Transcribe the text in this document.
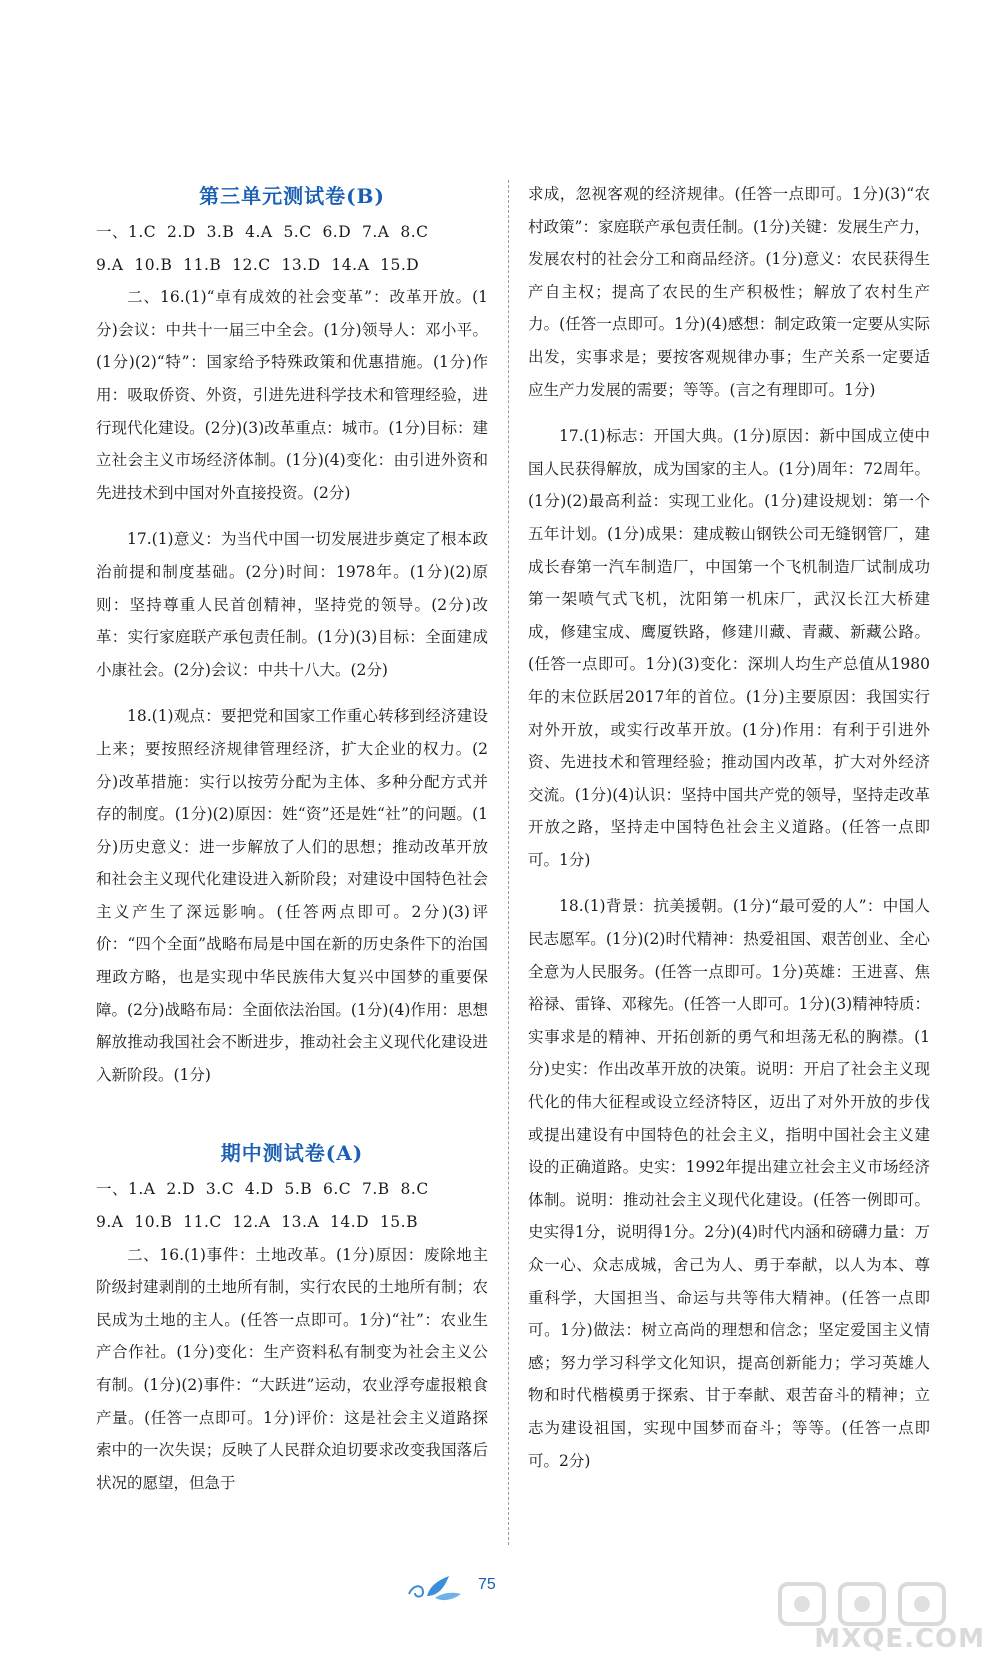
第三单元测试卷(B)

一、1.C  2.D  3.B  4.A  5.C  6.D  7.A  8.C

9.A  10.B  11.B  12.C  13.D  14.A  15.D

二、16.(1)“卓有成效的社会变革”：改革开放。(1分)会议：中共十一届三中全会。(1分)领导人：邓小平。(1分)(2)“特”：国家给予特殊政策和优惠措施。(1分)作用：吸取侨资、外资，引进先进科学技术和管理经验，进行现代化建设。(2分)(3)改革重点：城市。(1分)目标：建立社会主义市场经济体制。(1分)(4)变化：由引进外资和先进技术到中国对外直接投资。(2分)

17.(1)意义：为当代中国一切发展进步奠定了根本政治前提和制度基础。(2分)时间：1978年。(1分)(2)原则：坚持尊重人民首创精神，坚持党的领导。(2分)改革：实行家庭联产承包责任制。(1分)(3)目标：全面建成小康社会。(2分)会议：中共十八大。(2分)

18.(1)观点：要把党和国家工作重心转移到经济建设上来；要按照经济规律管理经济，扩大企业的权力。(2分)改革措施：实行以按劳分配为主体、多种分配方式并存的制度。(1分)(2)原因：姓“资”还是姓“社”的问题。(1分)历史意义：进一步解放了人们的思想；推动改革开放和社会主义现代化建设进入新阶段；对建设中国特色社会主义产生了深远影响。(任答两点即可。2分)(3)评价：“四个全面”战略布局是中国在新的历史条件下的治国理政方略，也是实现中华民族伟大复兴中国梦的重要保障。(2分)战略布局：全面依法治国。(1分)(4)作用：思想解放推动我国社会不断进步，推动社会主义现代化建设进入新阶段。(1分)

期中测试卷(A)

一、1.A  2.D  3.C  4.D  5.B  6.C  7.B  8.C

9.A  10.B  11.C  12.A  13.A  14.D  15.B

二、16.(1)事件：土地改革。(1分)原因：废除地主阶级封建剥削的土地所有制，实行农民的土地所有制；农民成为土地的主人。(任答一点即可。1分)“社”：农业生产合作社。(1分)变化：生产资料私有制变为社会主义公有制。(1分)(2)事件：“大跃进”运动，农业浮夸虚报粮食产量。(任答一点即可。1分)评价：这是社会主义道路探索中的一次失误；反映了人民群众迫切要求改变我国落后状况的愿望，但急于

求成，忽视客观的经济规律。(任答一点即可。1分)(3)“农村政策”：家庭联产承包责任制。(1分)关键：发展生产力，发展农村的社会分工和商品经济。(1分)意义：农民获得生产自主权；提高了农民的生产积极性；解放了农村生产力。(任答一点即可。1分)(4)感想：制定政策一定要从实际出发，实事求是；要按客观规律办事；生产关系一定要适应生产力发展的需要；等等。(言之有理即可。1分)

17.(1)标志：开国大典。(1分)原因：新中国成立使中国人民获得解放，成为国家的主人。(1分)周年：72周年。(1分)(2)最高利益：实现工业化。(1分)建设规划：第一个五年计划。(1分)成果：建成鞍山钢铁公司无缝钢管厂，建成长春第一汽车制造厂，中国第一个飞机制造厂试制成功第一架喷气式飞机，沈阳第一机床厂，武汉长江大桥建成，修建宝成、鹰厦铁路，修建川藏、青藏、新藏公路。(任答一点即可。1分)(3)变化：深圳人均生产总值从1980年的末位跃居2017年的首位。(1分)主要原因：我国实行对外开放，或实行改革开放。(1分)作用：有利于引进外资、先进技术和管理经验；推动国内改革，扩大对外经济交流。(1分)(4)认识：坚持中国共产党的领导，坚持走改革开放之路，坚持走中国特色社会主义道路。(任答一点即可。1分)

18.(1)背景：抗美援朝。(1分)“最可爱的人”：中国人民志愿军。(1分)(2)时代精神：热爱祖国、艰苦创业、全心全意为人民服务。(任答一点即可。1分)英雄：王进喜、焦裕禄、雷锋、邓稼先。(任答一人即可。1分)(3)精神特质：实事求是的精神、开拓创新的勇气和坦荡无私的胸襟。(1分)史实：作出改革开放的决策。说明：开启了社会主义现代化的伟大征程或设立经济特区，迈出了对外开放的步伐或提出建设有中国特色的社会主义，指明中国社会主义建设的正确道路。史实：1992年提出建立社会主义市场经济体制。说明：推动社会主义现代化建设。(任答一例即可。史实得1分，说明得1分。2分)(4)时代内涵和磅礴力量：万众一心、众志成城，舍己为人、勇于奉献，以人为本、尊重科学，大国担当、命运与共等伟大精神。(任答一点即可。1分)做法：树立高尚的理想和信念；坚定爱国主义情感；努力学习科学文化知识，提高创新能力；学习英雄人物和时代楷模勇于探索、甘于奉献、艰苦奋斗的精神；立志为建设祖国，实现中国梦而奋斗；等等。(任答一点即可。2分)

75
MXQE.COM
